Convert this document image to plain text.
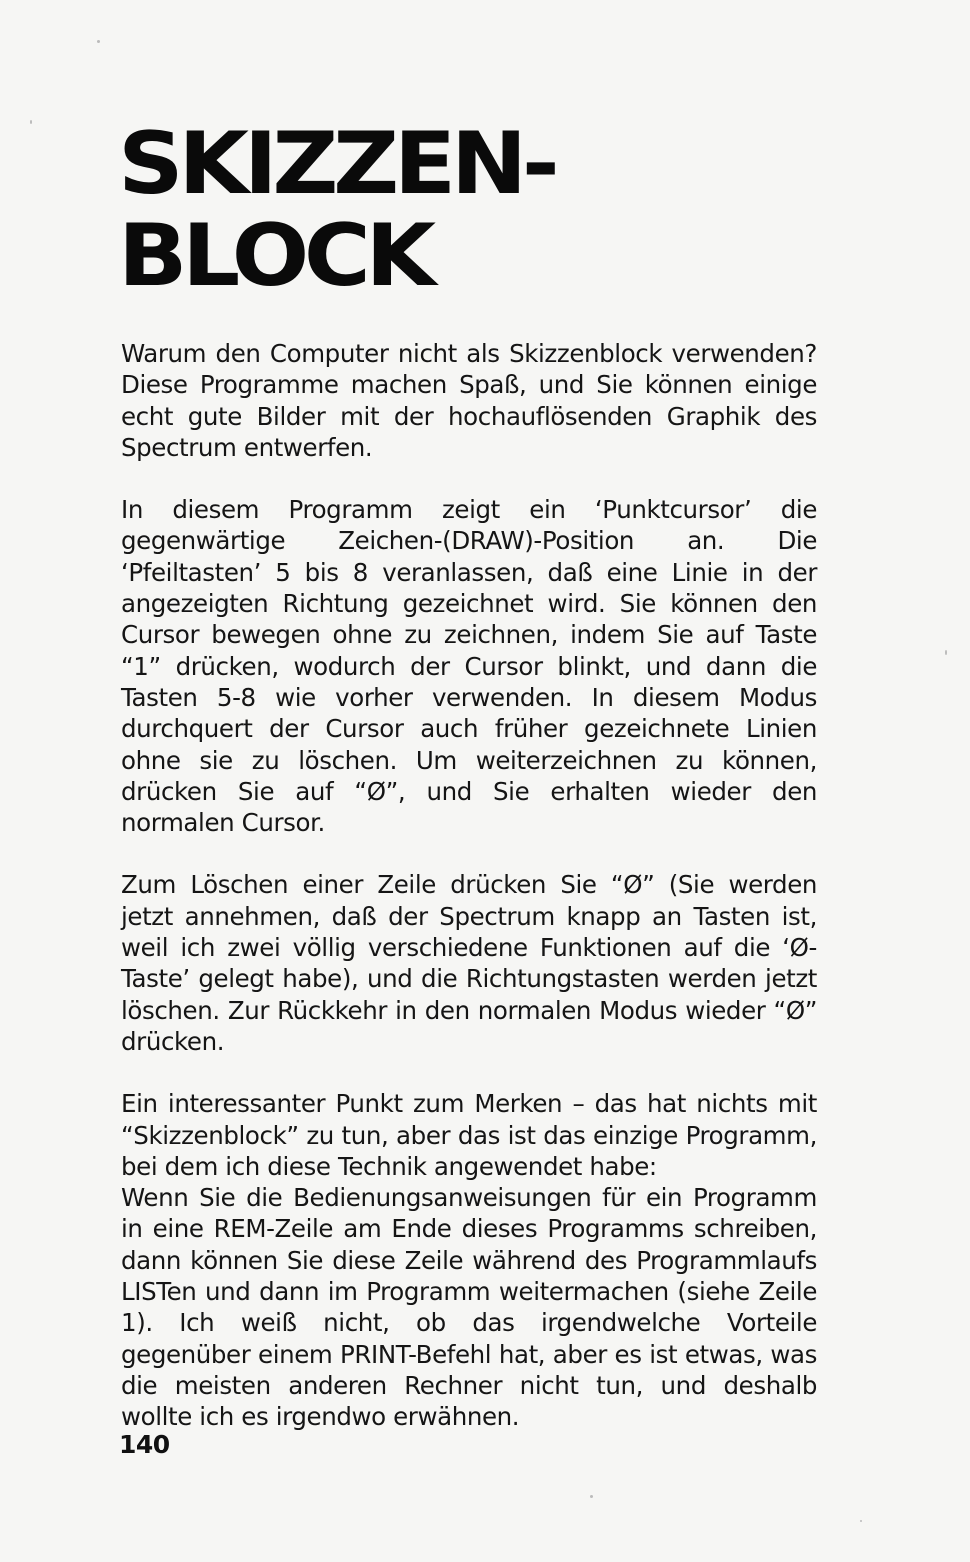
SKIZZEN-
BLOCK

Warum den Computer nicht als Skizzenblock verwenden? Diese Programme machen Spaß, und Sie können einige echt gute Bilder mit der hochauflösenden Graphik des Spectrum entwerfen.

In diesem Programm zeigt ein ‘Punktcursor’ die gegenwärtige Zeichen-(DRAW)-Position an. Die ‘Pfeiltasten’ 5 bis 8 veranlassen, daß eine Linie in der angezeigten Richtung gezeichnet wird. Sie können den Cursor bewegen ohne zu zeichnen, indem Sie auf Taste “1” drücken, wodurch der Cursor blinkt, und dann die Tasten 5-8 wie vorher verwenden. In diesem Modus durchquert der Cursor auch früher gezeichnete Linien ohne sie zu löschen. Um weiterzeichnen zu können, drücken Sie auf “Ø”, und Sie erhalten wieder den normalen Cursor.

Zum Löschen einer Zeile drücken Sie “Ø” (Sie werden jetzt annehmen, daß der Spectrum knapp an Tasten ist, weil ich zwei völlig verschiedene Funktionen auf die ‘Ø-Taste’ gelegt habe), und die Richtungstasten werden jetzt löschen. Zur Rückkehr in den normalen Modus wieder “Ø” drücken.

Ein interessanter Punkt zum Merken – das hat nichts mit “Skizzenblock” zu tun, aber das ist das einzige Programm, bei dem ich diese Technik angewendet habe:

Wenn Sie die Bedienungsanweisungen für ein Programm in eine REM-Zeile am Ende dieses Programms schreiben, dann können Sie diese Zeile während des Programmlaufs LISTen und dann im Programm weitermachen (siehe Zeile 1). Ich weiß nicht, ob das irgendwelche Vorteile gegenüber einem PRINT-Befehl hat, aber es ist etwas, was die meisten anderen Rechner nicht tun, und deshalb wollte ich es irgendwo erwähnen.

140
